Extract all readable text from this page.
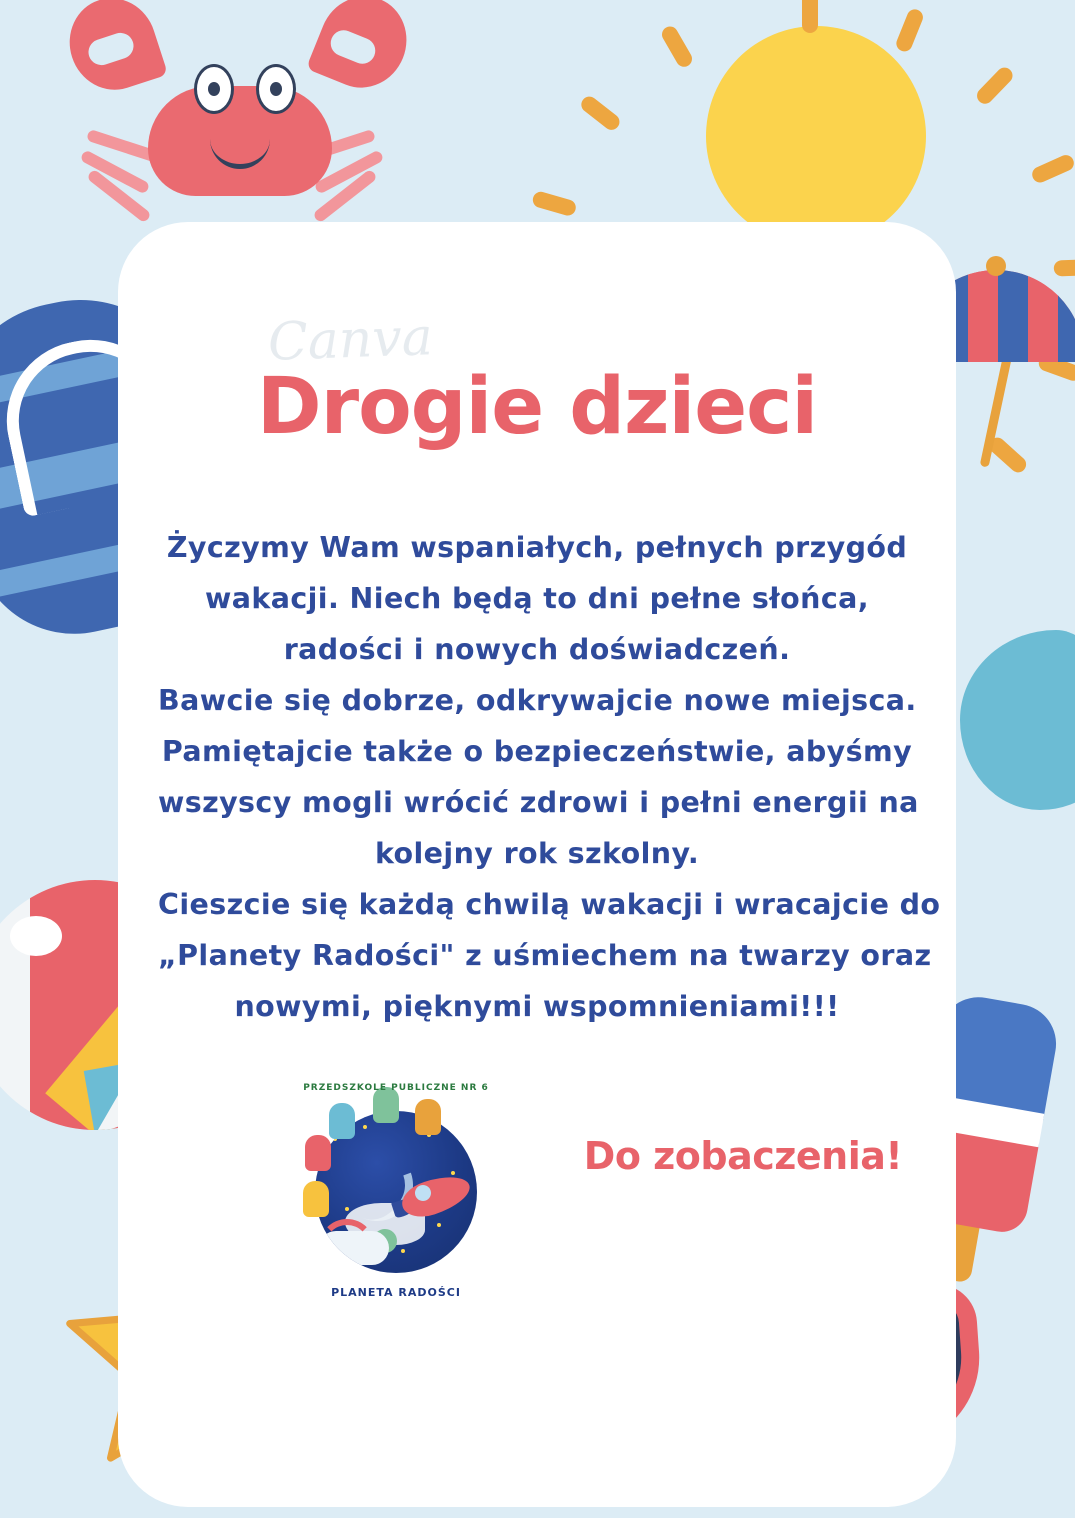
Canva
Drogie dzieci
Życzymy Wam wspaniałych, pełnych przygód
wakacji. Niech będą to dni pełne słońca,
radości i nowych doświadczeń.
Bawcie się dobrze, odkrywajcie nowe miejsca.
Pamiętajcie także o bezpieczeństwie, abyśmy
wszyscy mogli wrócić zdrowi i pełni energii na
kolejny rok szkolny.
Cieszcie się każdą chwilą wakacji i wracajcie do
„Planety Radości" z uśmiechem na twarzy oraz
nowymi, pięknymi wspomnieniami!!!
PRZEDSZKOLE PUBLICZNE NR 6
PLANETA RADOŚCI
Do zobaczenia!
